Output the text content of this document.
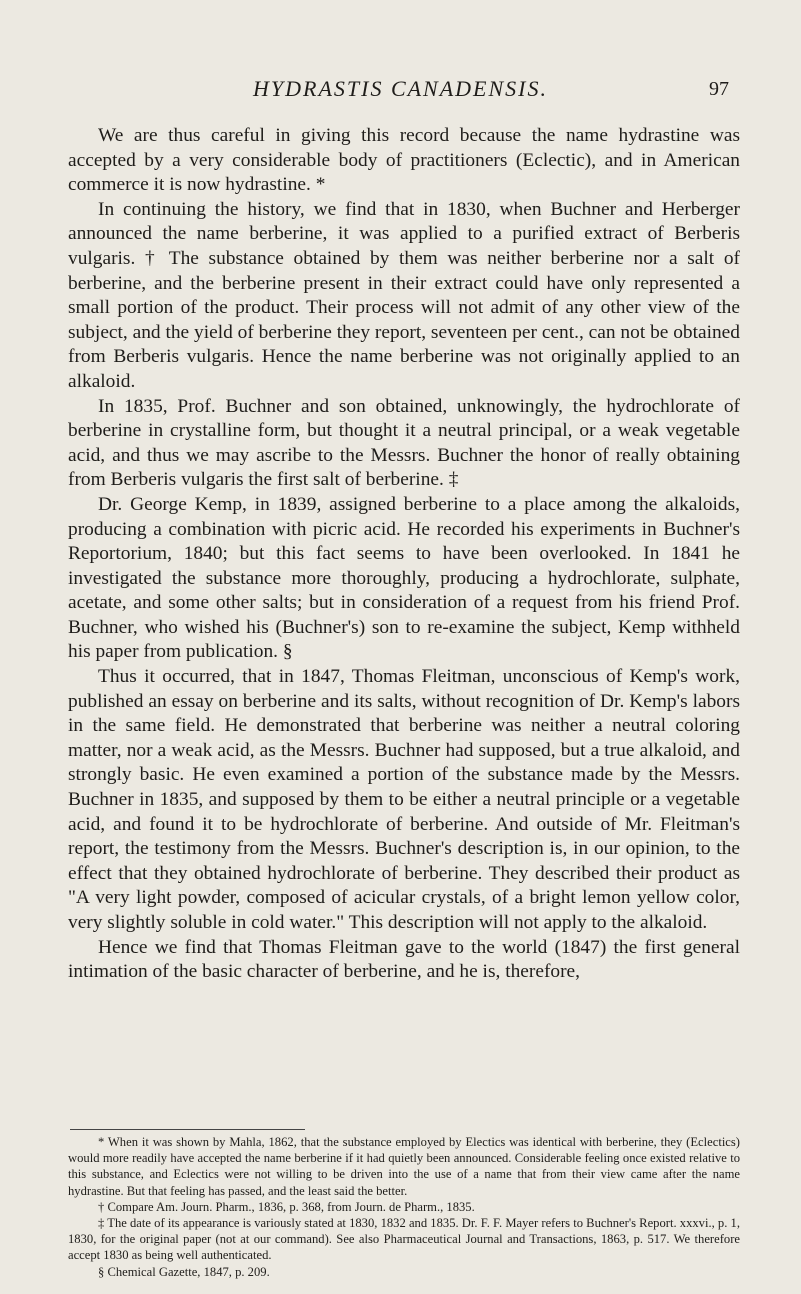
HYDRASTIS CANADENSIS.	97

We are thus careful in giving this record because the name hydrastine was accepted by a very considerable body of practitioners (Eclectic), and in American commerce it is now hydrastine. *

In continuing the history, we find that in 1830, when Buchner and Herberger announced the name berberine, it was applied to a purified extract of Berberis vulgaris. † The substance obtained by them was neither berberine nor a salt of berberine, and the berberine present in their extract could have only represented a small portion of the product. Their process will not admit of any other view of the subject, and the yield of berberine they report, seventeen per cent., can not be obtained from Berberis vulgaris. Hence the name berberine was not originally applied to an alkaloid.

In 1835, Prof. Buchner and son obtained, unknowingly, the hydrochlorate of berberine in crystalline form, but thought it a neutral principal, or a weak vegetable acid, and thus we may ascribe to the Messrs. Buchner the honor of really obtaining from Berberis vulgaris the first salt of berberine. ‡

Dr. George Kemp, in 1839, assigned berberine to a place among the alkaloids, producing a combination with picric acid. He recorded his experiments in Buchner's Reportorium, 1840; but this fact seems to have been overlooked. In 1841 he investigated the substance more thoroughly, producing a hydrochlorate, sulphate, acetate, and some other salts; but in consideration of a request from his friend Prof. Buchner, who wished his (Buchner's) son to re-examine the subject, Kemp withheld his paper from publication. §

Thus it occurred, that in 1847, Thomas Fleitman, unconscious of Kemp's work, published an essay on berberine and its salts, without recognition of Dr. Kemp's labors in the same field. He demonstrated that berberine was neither a neutral coloring matter, nor a weak acid, as the Messrs. Buchner had supposed, but a true alkaloid, and strongly basic. He even examined a portion of the substance made by the Messrs. Buchner in 1835, and supposed by them to be either a neutral principle or a vegetable acid, and found it to be hydrochlorate of berberine. And outside of Mr. Fleitman's report, the testimony from the Messrs. Buchner's description is, in our opinion, to the effect that they obtained hydrochlorate of berberine. They described their product as "A very light powder, composed of acicular crystals, of a bright lemon yellow color, very slightly soluble in cold water." This description will not apply to the alkaloid.

Hence we find that Thomas Fleitman gave to the world (1847) the first general intimation of the basic character of berberine, and he is, therefore,

* When it was shown by Mahla, 1862, that the substance employed by Electics was identical with berberine, they (Eclectics) would more readily have accepted the name berberine if it had quietly been announced. Considerable feeling once existed relative to this substance, and Eclectics were not willing to be driven into the use of a name that from their view came after the name hydrastine. But that feeling has passed, and the least said the better.

† Compare Am. Journ. Pharm., 1836, p. 368, from Journ. de Pharm., 1835.

‡ The date of its appearance is variously stated at 1830, 1832 and 1835. Dr. F. F. Mayer refers to Buchner's Report. xxxvi., p. 1, 1830, for the original paper (not at our command). See also Pharmaceutical Journal and Transactions, 1863, p. 517. We therefore accept 1830 as being well authenticated.

§ Chemical Gazette, 1847, p. 209.
